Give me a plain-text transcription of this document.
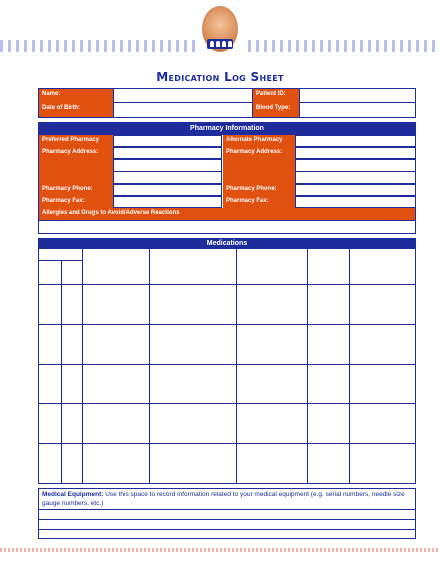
Medication Log Sheet
Name:
Date of Birth:
Patient ID:
Blood Type:
Pharmacy Information
Preferred Pharmacy
Pharmacy Address:
Pharmacy Phone:
Pharmacy Fax:
Alternate Pharmacy
Pharmacy Address:
Pharmacy Phone:
Pharmacy Fax:
Allergies and Drugs to Avoid/Adverse Reactions
Medications
Medical Equipment: Use this space to record information related to your medical equipment (e.g. serial numbers, needle size gauge numbers, etc.)
